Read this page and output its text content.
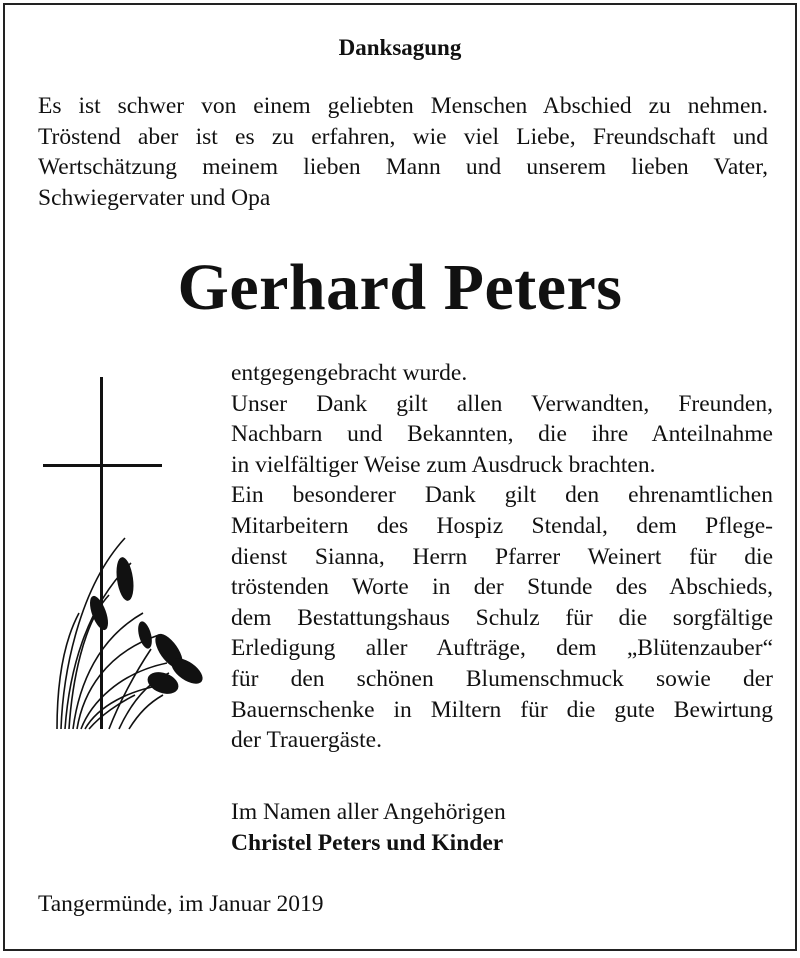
Danksagung
Es ist schwer von einem geliebten Menschen Abschied zu nehmen.
Tröstend aber ist es zu erfahren, wie viel Liebe, Freundschaft und
Wertschätzung meinem lieben Mann und unserem lieben Vater,
Schwiegervater und Opa
Gerhard Peters
entgegengebracht wurde.
Unser Dank gilt allen Verwandten, Freunden,
Nachbarn und Bekannten, die ihre Anteilnahme
in vielfältiger Weise zum Ausdruck brachten.
Ein besonderer Dank gilt den ehrenamtlichen
Mitarbeitern des Hospiz Stendal, dem Pflege-
dienst Sianna, Herrn Pfarrer Weinert für die
tröstenden Worte in der Stunde des Abschieds,
dem Bestattungshaus Schulz für die sorgfältige
Erledigung aller Aufträge, dem „Blütenzauber“
für den schönen Blumenschmuck sowie der
Bauernschenke in Miltern für die gute Bewirtung
der Trauergäste.
Im Namen aller Angehörigen
Christel Peters und Kinder
Tangermünde, im Januar 2019
